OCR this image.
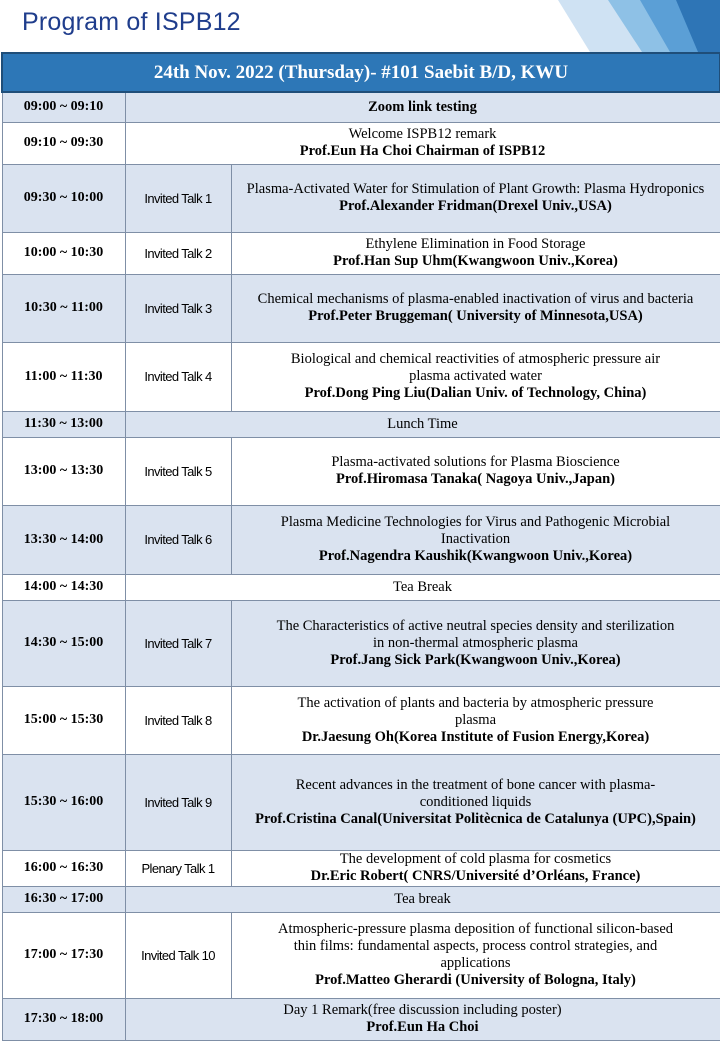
Program of ISPB12
24th Nov. 2022 (Thursday)- #101 Saebit B/D, KWU		
09:00 ~ 09:10	Zoom link testing	

09:10 ~ 09:30	Welcome ISPB12 remark
Prof.Eun Ha Choi Chairman of ISPB12	

09:30 ~ 10:00	Invited Talk 1	Plasma-Activated Water for Stimulation of Plant Growth: Plasma Hydroponics
Prof.Alexander Fridman(Drexel Univ.,USA)

10:00 ~ 10:30	Invited Talk 2	Ethylene Elimination in Food Storage
Prof.Han Sup Uhm(Kwangwoon Univ.,Korea)

10:30 ~ 11:00	Invited Talk 3	Chemical mechanisms of plasma-enabled inactivation of virus and bacteria
Prof.Peter Bruggeman( University of Minnesota,USA)

11:00 ~ 11:30	Invited Talk 4	Biological and chemical reactivities of atmospheric pressure air
plasma activated water
Prof.Dong Ping Liu(Dalian Univ. of Technology, China)

11:30 ~ 13:00	Lunch Time	

13:00 ~ 13:30	Invited Talk 5	Plasma-activated solutions for Plasma Bioscience
Prof.Hiromasa Tanaka( Nagoya Univ.,Japan)

13:30 ~ 14:00	Invited Talk 6	Plasma Medicine Technologies for Virus and Pathogenic Microbial
Inactivation
Prof.Nagendra Kaushik(Kwangwoon Univ.,Korea)

14:00 ~ 14:30	Tea Break	

14:30 ~ 15:00	Invited Talk 7	The Characteristics of active neutral species density and sterilization
in non-thermal atmospheric plasma
Prof.Jang Sick Park(Kwangwoon Univ.,Korea)

15:00 ~ 15:30	Invited Talk 8	The activation of plants and bacteria by atmospheric pressure
plasma
Dr.Jaesung Oh(Korea Institute of Fusion Energy,Korea)

15:30 ~ 16:00	Invited Talk 9	Recent advances in the treatment of bone cancer with plasma-
conditioned liquids
Prof.Cristina Canal(Universitat Politècnica de Catalunya (UPC),Spain)

16:00 ~ 16:30	Plenary Talk 1	The development of cold plasma for cosmetics
Dr.Eric Robert( CNRS/Université d’Orléans, France)

16:30 ~ 17:00	Tea break	

17:00 ~ 17:30	Invited Talk 10	Atmospheric-pressure plasma deposition of functional silicon-based
thin films: fundamental aspects, process control strategies, and
applications
Prof.Matteo Gherardi (University of Bologna, Italy)

17:30 ~ 18:00	Day 1 Remark(free discussion including poster)
Prof.Eun Ha Choi	
